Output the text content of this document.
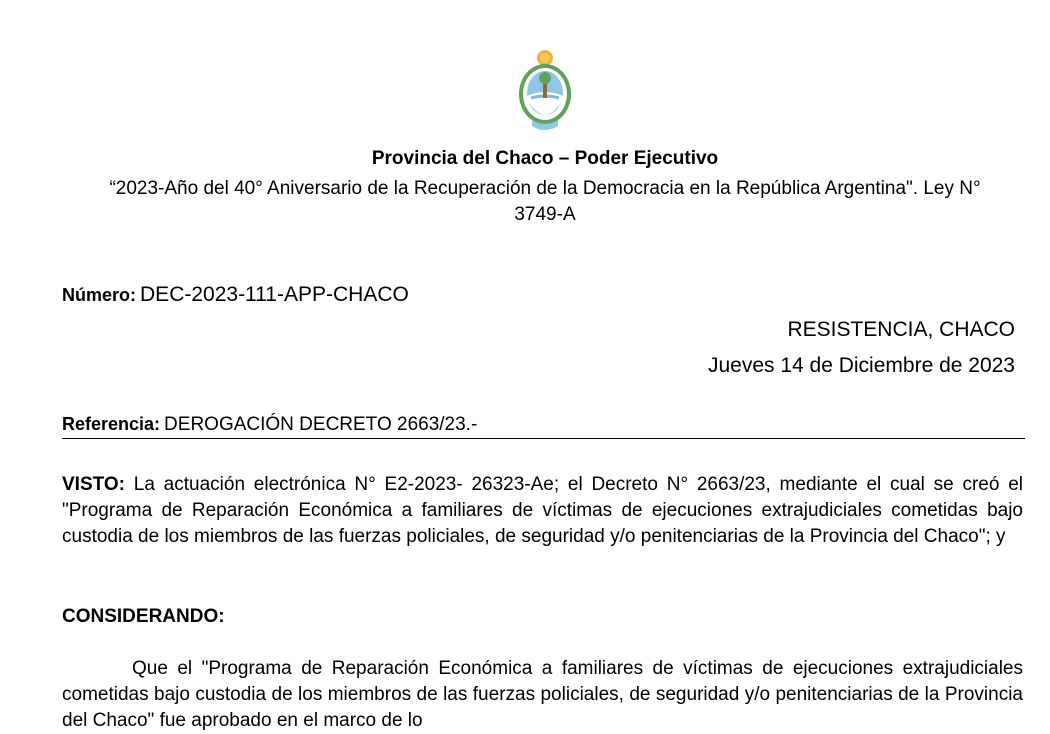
Provincia del Chaco – Poder Ejecutivo
“2023-Año del 40° Aniversario de la Recuperación de la Democracia en la República Argentina". Ley N° 3749-A
Número: DEC-2023-111-APP-CHACO
RESISTENCIA, CHACO
Jueves 14 de Diciembre de 2023
Referencia: DEROGACIÓN DECRETO 2663/23.-
VISTO: La actuación electrónica N° E2-2023- 26323-Ae; el Decreto N° 2663/23, mediante el cual se creó el "Programa de Reparación Económica a familiares de víctimas de ejecuciones extrajudiciales cometidas bajo custodia de los miembros de las fuerzas policiales, de seguridad y/o penitenciarias de la Provincia del Chaco"; y
CONSIDERANDO:
Que el "Programa de Reparación Económica a familiares de víctimas de ejecuciones extrajudiciales cometidas bajo custodia de los miembros de las fuerzas policiales, de seguridad y/o penitenciarias de la Provincia del Chaco" fue aprobado en el marco de lo
